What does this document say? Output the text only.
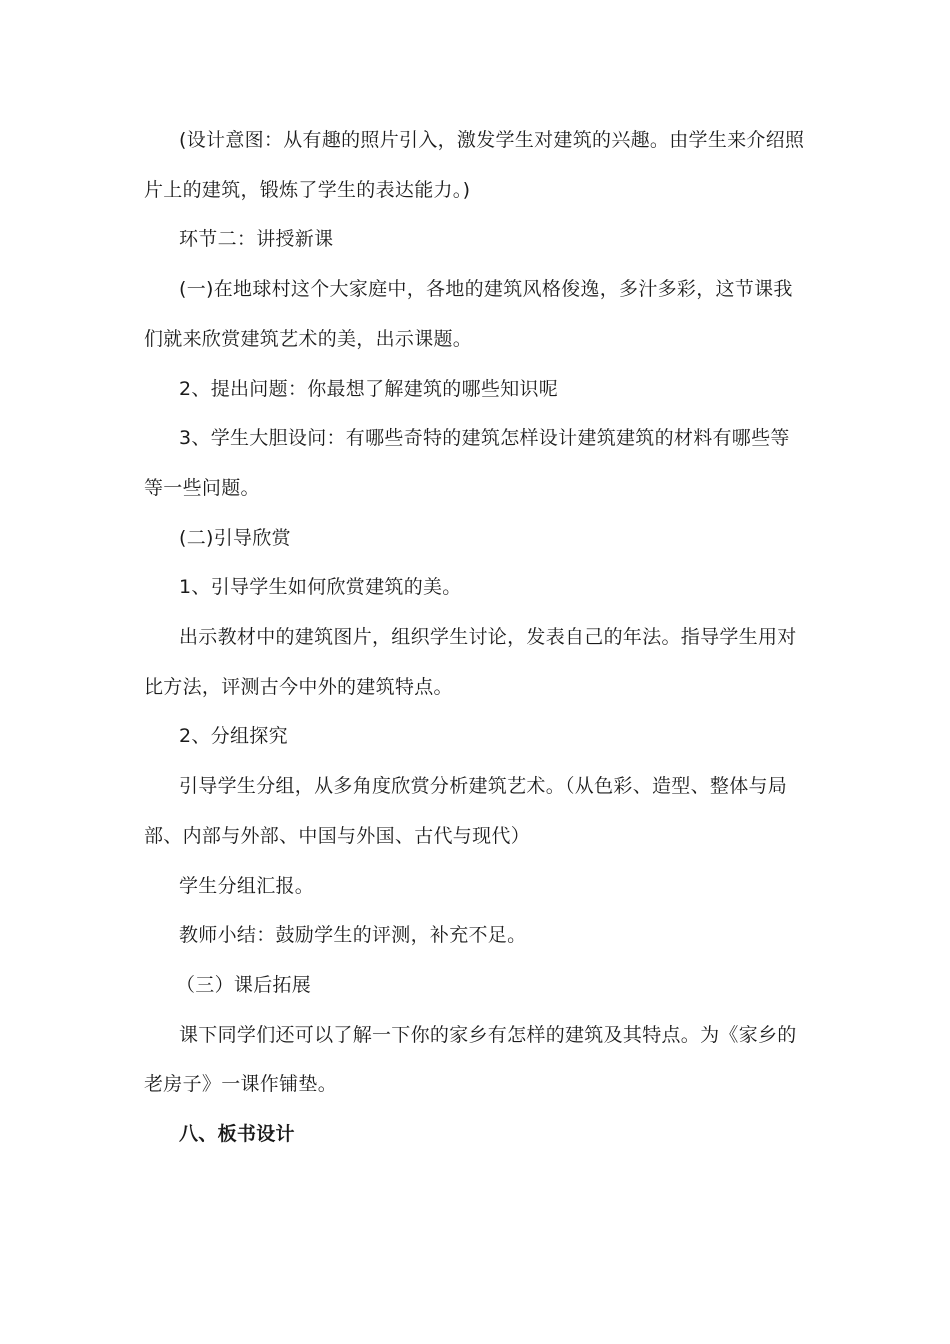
(设计意图：从有趣的照片引入，激发学生对建筑的兴趣。由学生来介绍照片上的建筑，锻炼了学生的表达能力。)

环节二：讲授新课

(一)在地球村这个大家庭中，各地的建筑风格俊逸，多汁多彩，这节课我们就来欣赏建筑艺术的美，出示课题。

2、提出问题：你最想了解建筑的哪些知识呢

3、学生大胆设问：有哪些奇特的建筑怎样设计建筑建筑的材料有哪些等等一些问题。

(二)引导欣赏

1、引导学生如何欣赏建筑的美。

出示教材中的建筑图片，组织学生讨论，发表自己的年法。指导学生用对比方法，评测古今中外的建筑特点。

2、分组探究

引导学生分组，从多角度欣赏分析建筑艺术。（从色彩、造型、整体与局部、内部与外部、中国与外国、古代与现代）

学生分组汇报。

教师小结：鼓励学生的评测，补充不足。

（三）课后拓展

课下同学们还可以了解一下你的家乡有怎样的建筑及其特点。为《家乡的老房子》一课作铺垫。

八、板书设计
